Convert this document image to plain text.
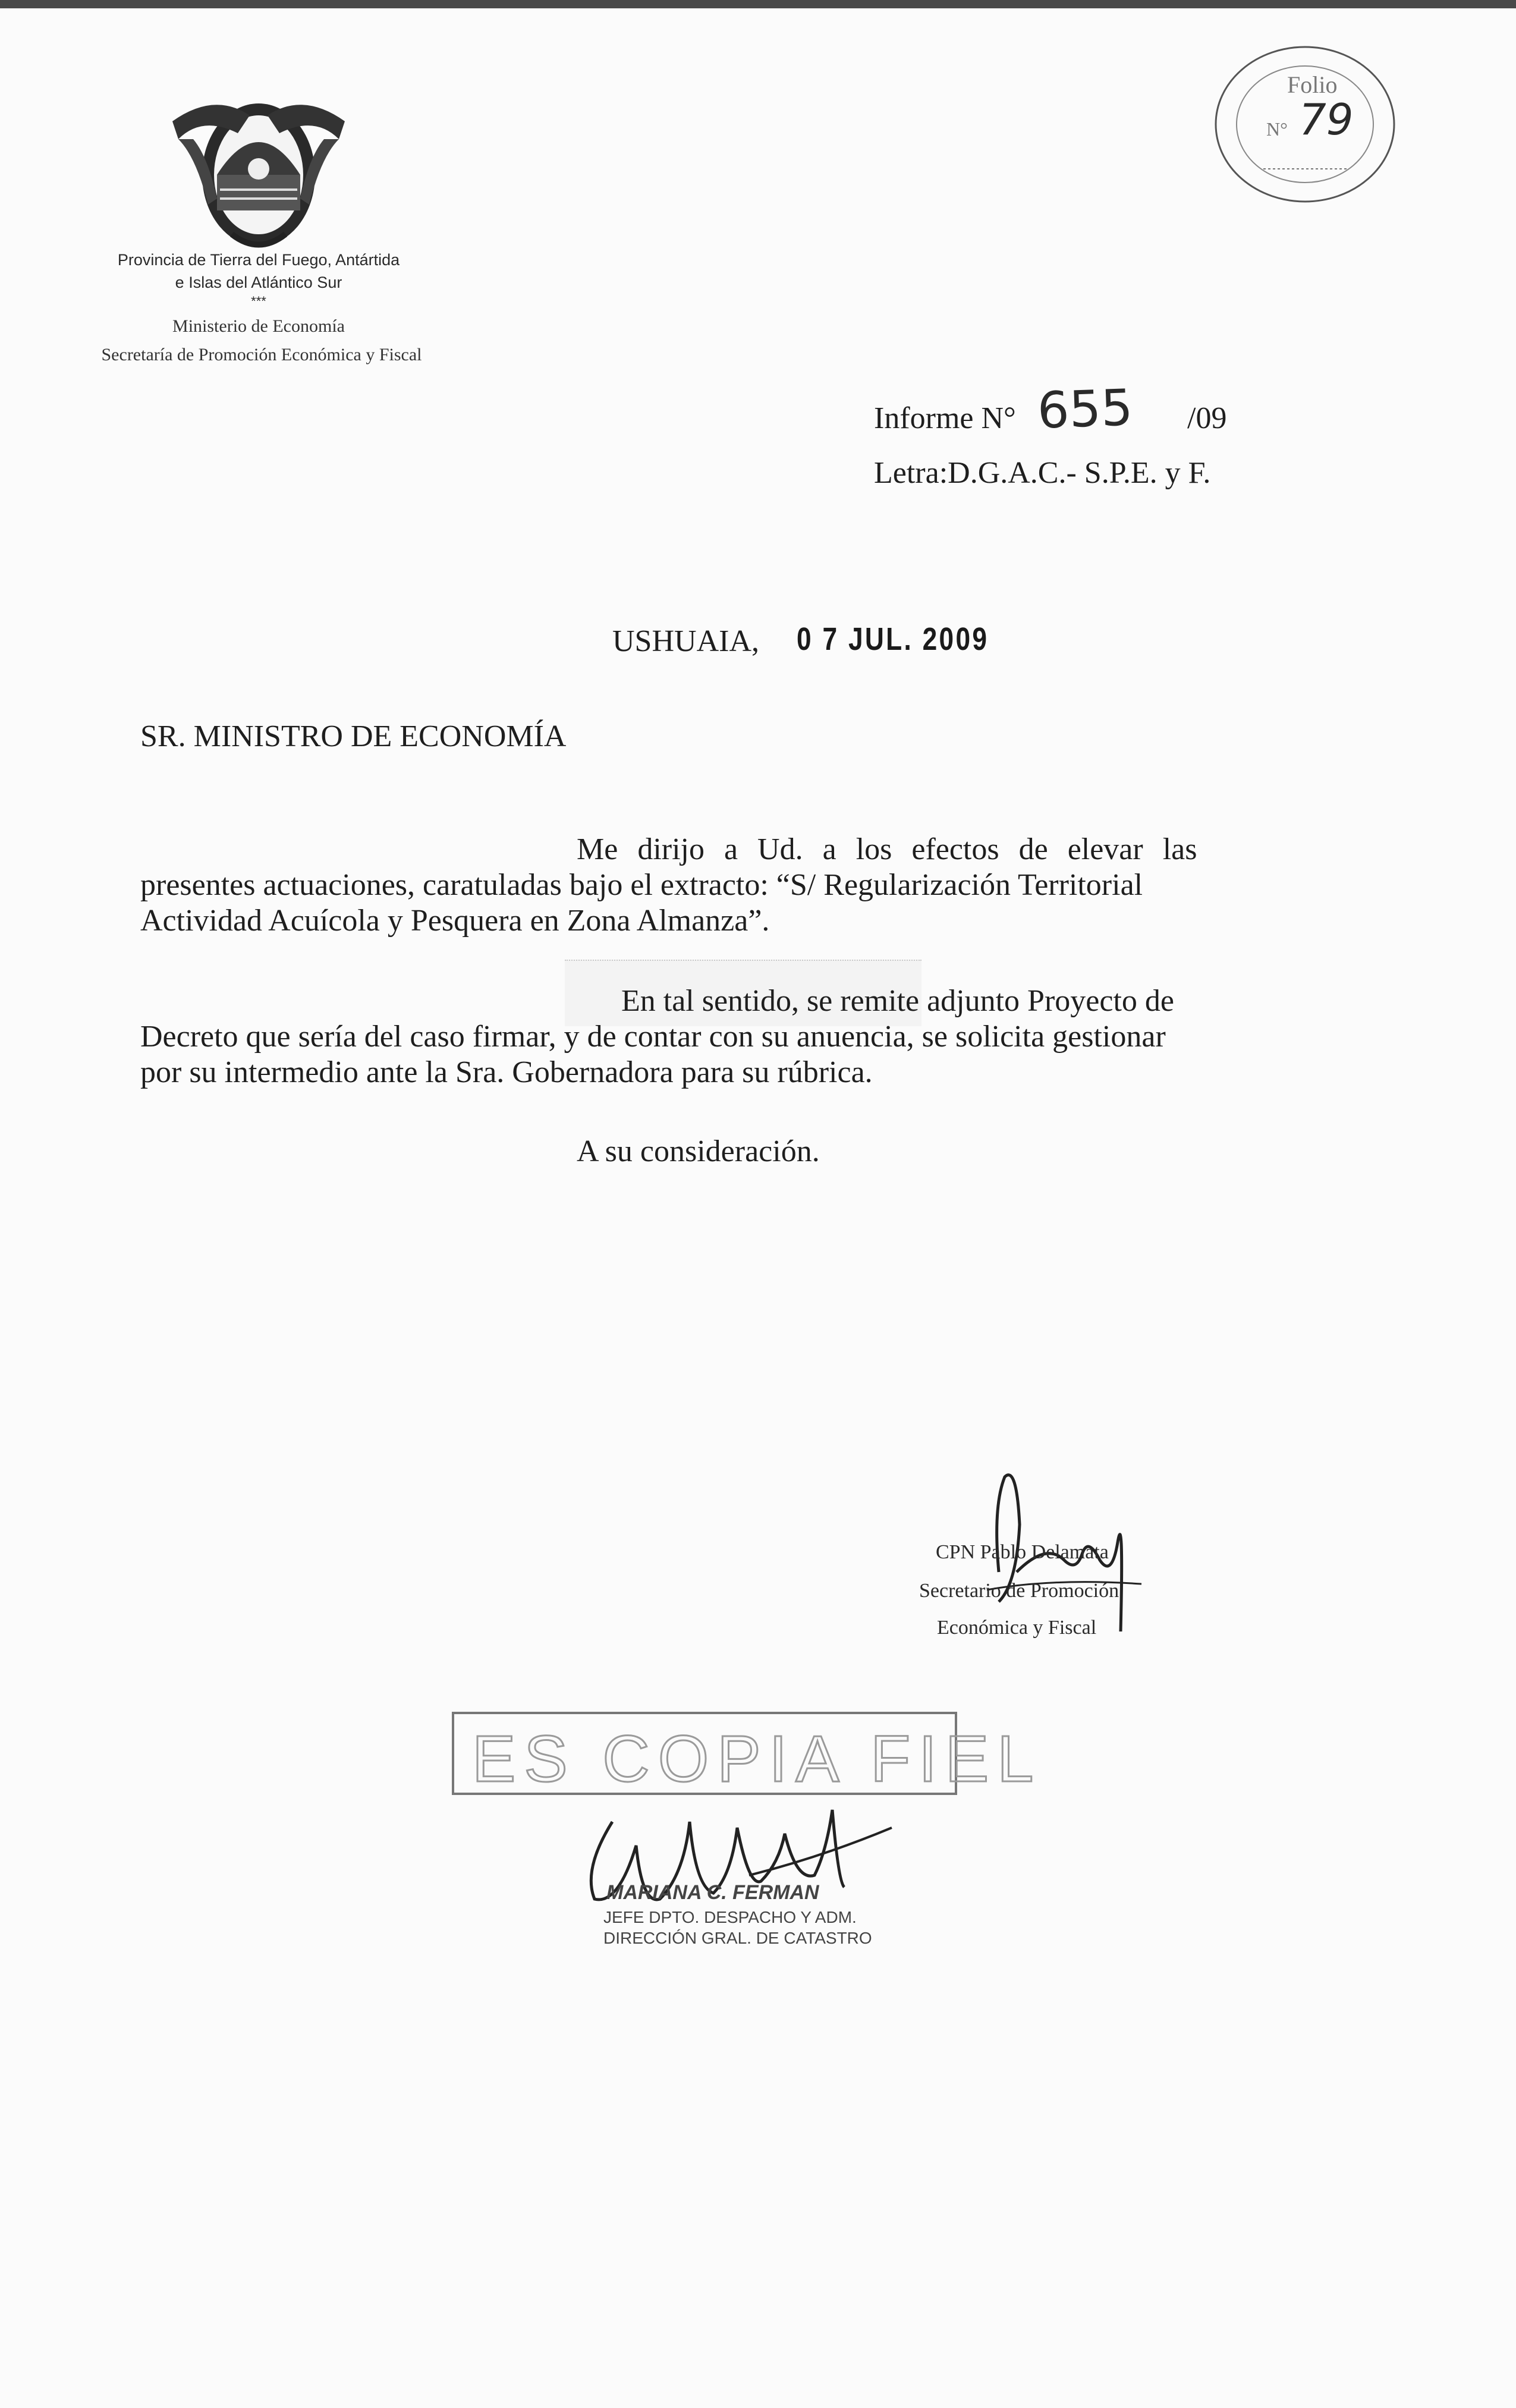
Provincia de Tierra del Fuego, Antártida
e Islas del Atlántico Sur
***
Ministerio de Economía
Secretaría de Promoción Económica y Fiscal
Folio
N° 79
Informe N° 655 /09
Letra:D.G.A.C.- S.P.E. y F.
USHUAIA, 0 7 JUL. 2009
SR. MINISTRO DE ECONOMÍA
Me dirijo a Ud. a los efectos de elevar las
presentes actuaciones, caratuladas bajo el extracto: “S/ Regularización Territorial
Actividad Acuícola y Pesquera en Zona Almanza”.
En tal sentido, se remite adjunto Proyecto de
Decreto que sería del caso firmar, y de contar con su anuencia, se solicita gestionar
por su intermedio ante la Sra. Gobernadora para su rúbrica.
A su consideración.
CPN Pablo Delamata
Secretario de Promoción
Económica y Fiscal
ES COPIA FIEL
MARIANA C. FERMAN
JEFE DPTO. DESPACHO Y ADM.
DIRECCIÓN GRAL. DE CATASTRO
